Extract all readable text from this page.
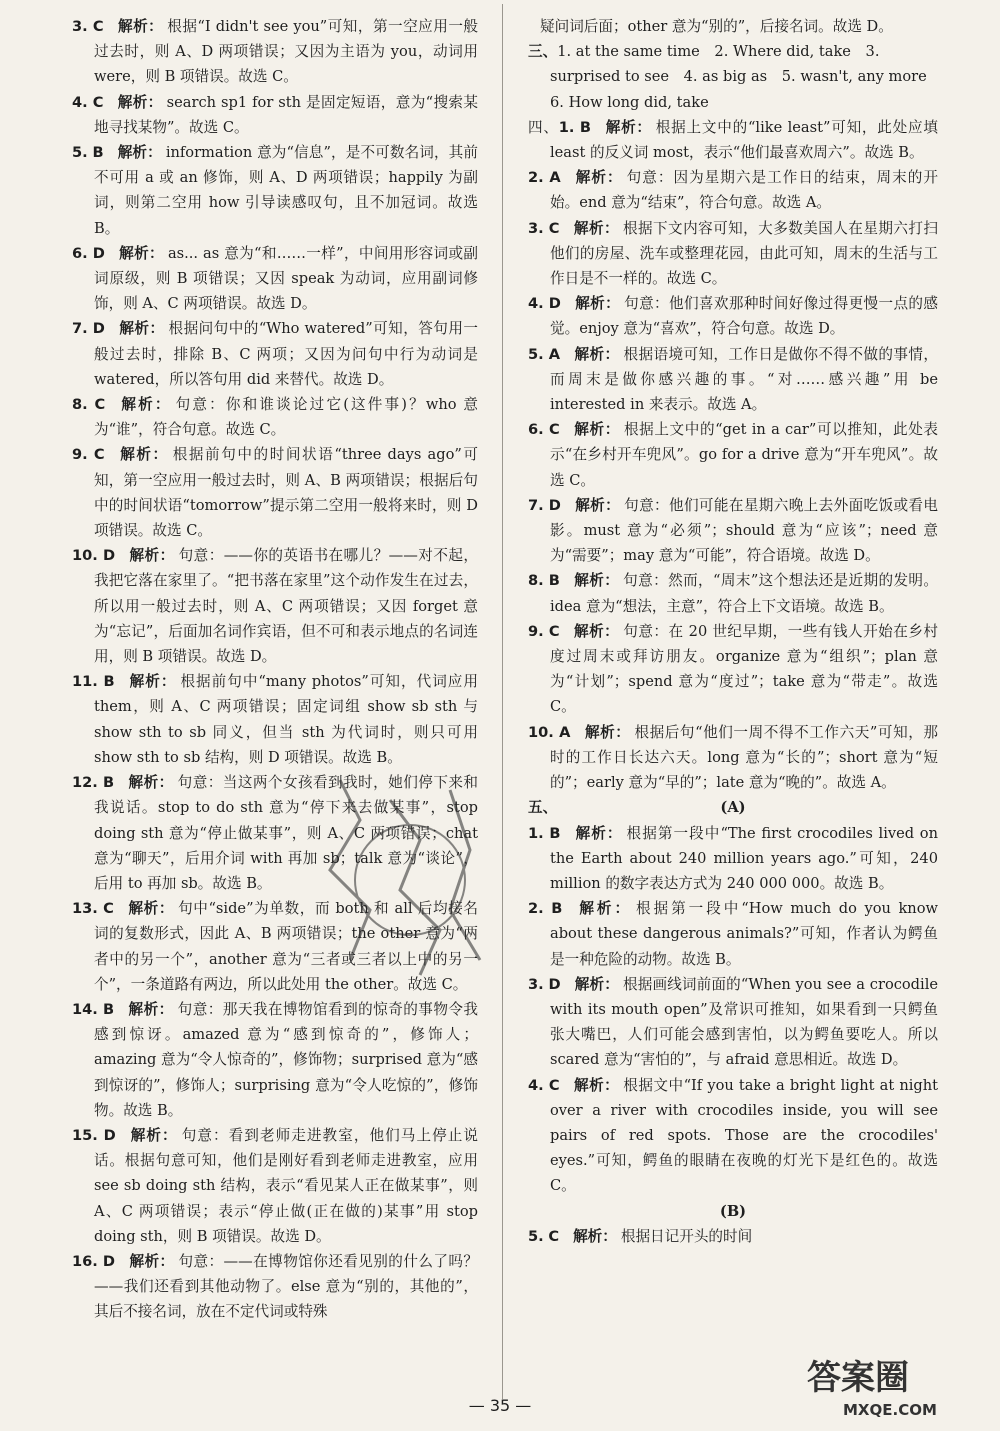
3. C 解析： 根据“I didn't see you”可知，第一空应用一般过去时，则 A、D 两项错误；又因为主语为 you，动词用 were，则 B 项错误。故选 C。

4. C 解析： search sp1 for sth 是固定短语，意为“搜索某地寻找某物”。故选 C。

5. B 解析： information 意为“信息”，是不可数名词，其前不可用 a 或 an 修饰，则 A、D 两项错误；happily 为副词，则第二空用 how 引导读感叹句，且不加冠词。故选 B。

6. D 解析： as... as 意为“和……一样”，中间用形容词或副词原级，则 B 项错误；又因 speak 为动词，应用副词修饰，则 A、C 两项错误。故选 D。

7. D 解析： 根据问句中的“Who watered”可知，答句用一般过去时，排除 B、C 两项；又因为问句中行为动词是 watered，所以答句用 did 来替代。故选 D。

8. C 解析： 句意：你和谁谈论过它(这件事)？who 意为“谁”，符合句意。故选 C。

9. C 解析： 根据前句中的时间状语“three days ago”可知，第一空应用一般过去时，则 A、B 两项错误；根据后句中的时间状语“tomorrow”提示第二空用一般将来时，则 D 项错误。故选 C。

10. D 解析： 句意：——你的英语书在哪儿？——对不起，我把它落在家里了。“把书落在家里”这个动作发生在过去，所以用一般过去时，则 A、C 两项错误；又因 forget 意为“忘记”，后面加名词作宾语，但不可和表示地点的名词连用，则 B 项错误。故选 D。

11. B 解析： 根据前句中“many photos”可知，代词应用 them，则 A、C 两项错误；固定词组 show sb sth 与 show sth to sb 同义，但当 sth 为代词时，则只可用 show sth to sb 结构，则 D 项错误。故选 B。

12. B 解析： 句意：当这两个女孩看到我时，她们停下来和我说话。stop to do sth 意为“停下来去做某事”，stop doing sth 意为“停止做某事”，则 A、C 两项错误；chat 意为“聊天”，后用介词 with 再加 sb；talk 意为“谈论”，后用 to 再加 sb。故选 B。

13. C 解析： 句中“side”为单数，而 both 和 all 后均接名词的复数形式，因此 A、B 两项错误；the other 意为“两者中的另一个”，another 意为“三者或三者以上中的另一个”，一条道路有两边，所以此处用 the other。故选 C。

14. B 解析： 句意：那天我在博物馆看到的惊奇的事物令我感到惊讶。amazed 意为“感到惊奇的”，修饰人；amazing 意为“令人惊奇的”，修饰物；surprised 意为“感到惊讶的”，修饰人；surprising 意为“令人吃惊的”，修饰物。故选 B。

15. D 解析： 句意：看到老师走进教室，他们马上停止说话。根据句意可知，他们是刚好看到老师走进教室，应用 see sb doing sth 结构，表示“看见某人正在做某事”，则 A、C 两项错误；表示“停止做(正在做的)某事”用 stop doing sth，则 B 项错误。故选 D。

16. D 解析： 句意：——在博物馆你还看见别的什么了吗？——我们还看到其他动物了。else 意为“别的，其他的”，其后不接名词，放在不定代词或特殊

疑问词后面；other 意为“别的”，后接名词。故选 D。

三、1. at the same time　2. Where did, take　3. surprised to see　4. as big as　5. wasn't, any more　6. How long did, take

四、1. B 解析： 根据上文中的“like least”可知，此处应填 least 的反义词 most，表示“他们最喜欢周六”。故选 B。

2. A 解析： 句意：因为星期六是工作日的结束，周末的开始。end 意为“结束”，符合句意。故选 A。

3. C 解析： 根据下文内容可知，大多数美国人在星期六打扫他们的房屋、洗车或整理花园，由此可知，周末的生活与工作日是不一样的。故选 C。

4. D 解析： 句意：他们喜欢那种时间好像过得更慢一点的感觉。enjoy 意为“喜欢”，符合句意。故选 D。

5. A 解析： 根据语境可知，工作日是做你不得不做的事情，而周末是做你感兴趣的事。“对……感兴趣”用 be interested in 来表示。故选 A。

6. C 解析： 根据上文中的“get in a car”可以推知，此处表示“在乡村开车兜风”。go for a drive 意为“开车兜风”。故选 C。

7. D 解析： 句意：他们可能在星期六晚上去外面吃饭或看电影。must 意为“必须”；should 意为“应该”；need 意为“需要”；may 意为“可能”，符合语境。故选 D。

8. B 解析： 句意：然而，“周末”这个想法还是近期的发明。idea 意为“想法，主意”，符合上下文语境。故选 B。

9. C 解析： 句意：在 20 世纪早期，一些有钱人开始在乡村度过周末或拜访朋友。organize 意为“组织”；plan 意为“计划”；spend 意为“度过”；take 意为“带走”。故选 C。

10. A 解析： 根据后句“他们一周不得不工作六天”可知，那时的工作日长达六天。long 意为“长的”；short 意为“短的”；early 意为“早的”；late 意为“晚的”。故选 A。

五、	(A)

1. B 解析： 根据第一段中“The first crocodiles lived on the Earth about 240 million years ago.”可知，240 million 的数字表达方式为 240 000 000。故选 B。

2. B 解析： 根据第一段中“How much do you know about these dangerous animals?”可知，作者认为鳄鱼是一种危险的动物。故选 B。

3. D 解析： 根据画线词前面的“When you see a crocodile with its mouth open”及常识可推知，如果看到一只鳄鱼张大嘴巴，人们可能会感到害怕，以为鳄鱼要吃人。所以 scared 意为“害怕的”，与 afraid 意思相近。故选 D。

4. C 解析： 根据文中“If you take a bright light at night over a river with crocodiles inside, you will see pairs of red spots. Those are the crocodiles' eyes.”可知，鳄鱼的眼睛在夜晚的灯光下是红色的。故选 C。

(B)

5. C 解析： 根据日记开头的时间

— 35 —
答案圈
MXQE.COM
